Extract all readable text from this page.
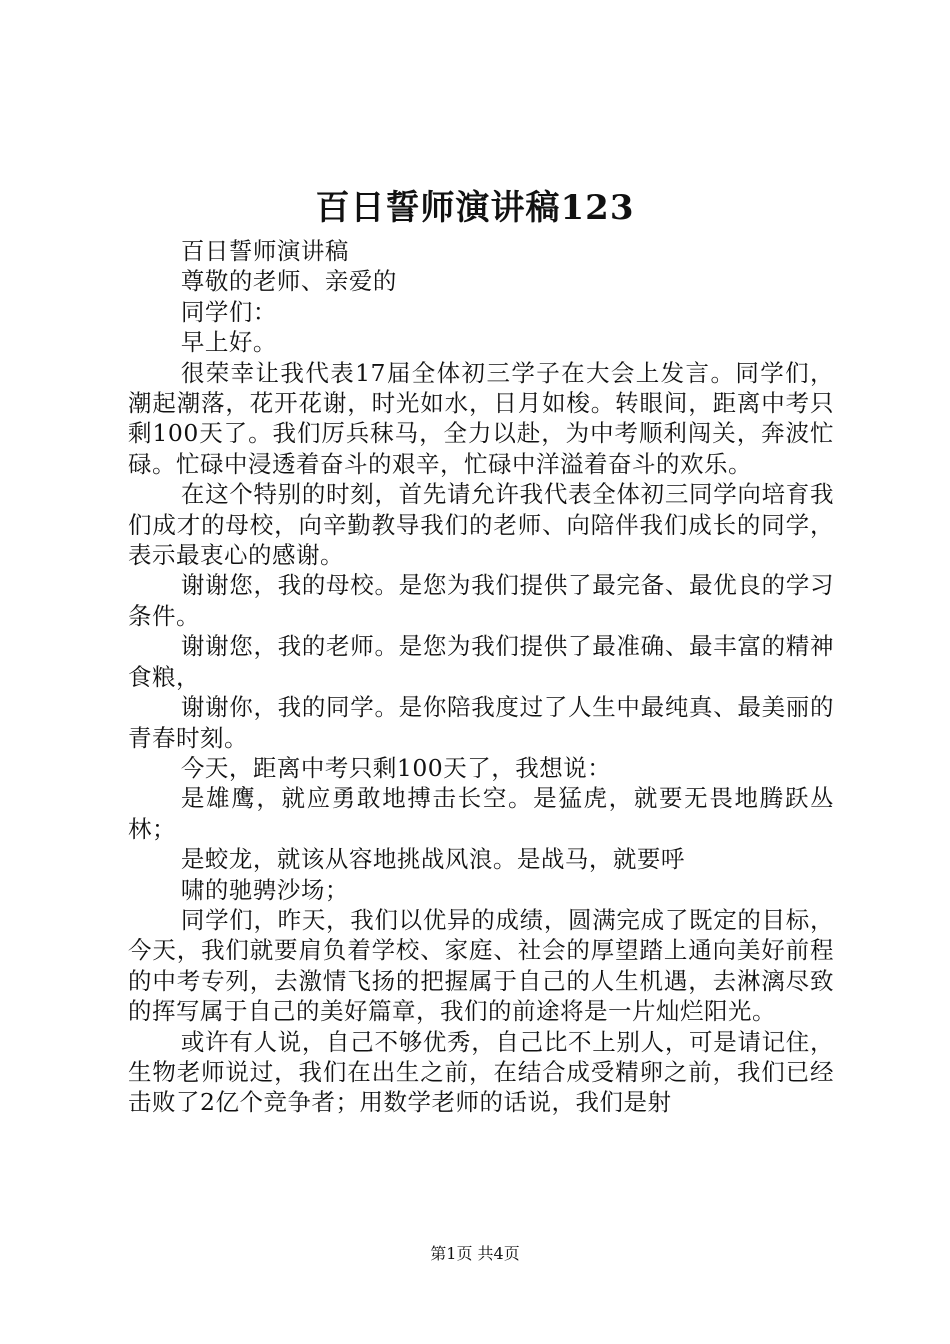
百日誓师演讲稿123

百日誓师演讲稿

尊敬的老师、亲爱的

同学们：

早上好。

很荣幸让我代表17届全体初三学子在大会上发言。同学们，潮起潮落，花开花谢，时光如水，日月如梭。转眼间，距离中考只剩100天了。我们厉兵秣马，全力以赴，为中考顺利闯关，奔波忙碌。忙碌中浸透着奋斗的艰辛，忙碌中洋溢着奋斗的欢乐。

在这个特别的时刻，首先请允许我代表全体初三同学向培育我们成才的母校，向辛勤教导我们的老师、向陪伴我们成长的同学，表示最衷心的感谢。

谢谢您，我的母校。是您为我们提供了最完备、最优良的学习条件。

谢谢您，我的老师。是您为我们提供了最准确、最丰富的精神食粮，

谢谢你，我的同学。是你陪我度过了人生中最纯真、最美丽的青春时刻。

今天，距离中考只剩100天了，我想说：

是雄鹰，就应勇敢地搏击长空。是猛虎，就要无畏地腾跃丛林；

是蛟龙，就该从容地挑战风浪。是战马，就要呼

啸的驰骋沙场；

同学们，昨天，我们以优异的成绩，圆满完成了既定的目标，今天，我们就要肩负着学校、家庭、社会的厚望踏上通向美好前程的中考专列，去激情飞扬的把握属于自己的人生机遇，去淋漓尽致的挥写属于自己的美好篇章，我们的前途将是一片灿烂阳光。

或许有人说，自己不够优秀，自己比不上别人，可是请记住，生物老师说过，我们在出生之前，在结合成受精卵之前，我们已经击败了2亿个竞争者；用数学老师的话说，我们是射

第1页 共4页
